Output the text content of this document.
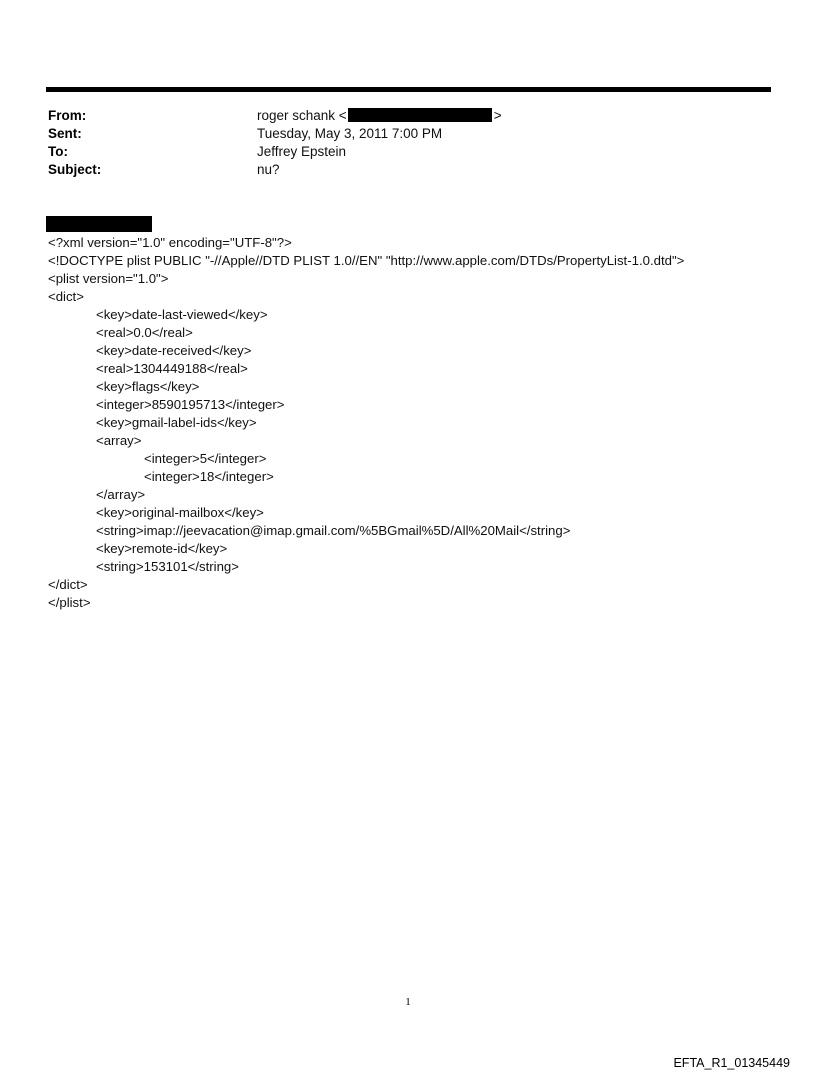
From:	roger schank <	>
Sent:	Tuesday, May 3, 2011 7:00 PM
To:	Jeffrey Epstein
Subject:	nu?
<?xml version="1.0" encoding="UTF-8"?>
<!DOCTYPE plist PUBLIC "-//Apple//DTD PLIST 1.0//EN" "http://www.apple.com/DTDs/PropertyList-1.0.dtd">
<plist version="1.0">
<dict>
<key>date-last-viewed</key>
<real>0.0</real>
<key>date-received</key>
<real>1304449188</real>
<key>flags</key>
<integer>8590195713</integer>
<key>gmail-label-ids</key>
<array>
<integer>5</integer>
<integer>18</integer>
</array>
<key>original-mailbox</key>
<string>imap://jeevacation@imap.gmail.com/%5BGmail%5D/All%20Mail</string>
<key>remote-id</key>
<string>153101</string>
</dict>
</plist>
1
EFTA_R1_01345449
